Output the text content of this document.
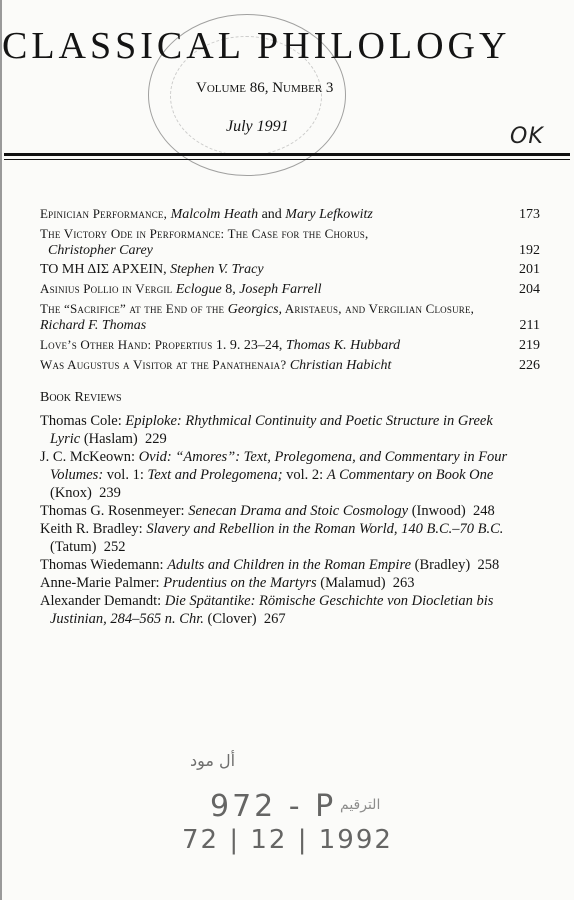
CLASSICAL PHILOLOGY
Volume 86, Number 3
July 1991	OK
Epinician Performance, Malcolm Heath and Mary Lefkowitz	173
The Victory Ode in Performance: The Case for the Chorus,
Christopher Carey	192
ΤΟ ΜΗ ΔΙΣ ΑΡΧΕΙΝ, Stephen V. Tracy	201
Asinius Pollio in Vergil Eclogue 8, Joseph Farrell	204
The “Sacrifice” at the End of the Georgics, Aristaeus, and Vergilian Closure, Richard F. Thomas	211
Love’s Other Hand: Propertius 1. 9. 23–24, Thomas K. Hubbard	219
Was Augustus a Visitor at the Panathenaia? Christian Habicht	226
Book Reviews
Thomas Cole: Epiploke: Rhythmical Continuity and Poetic Structure in Greek Lyric (Haslam) 229
J. C. McKeown: Ovid: “Amores”: Text, Prolegomena, and Commentary in Four Volumes: vol. 1: Text and Prolegomena; vol. 2: A Commentary on Book One (Knox) 239
Thomas G. Rosenmeyer: Senecan Drama and Stoic Cosmology (Inwood) 248
Keith R. Bradley: Slavery and Rebellion in the Roman World, 140 B.C.–70 B.C. (Tatum) 252
Thomas Wiedemann: Adults and Children in the Roman Empire (Bradley) 258
Anne-Marie Palmer: Prudentius on the Martyrs (Malamud) 263
Alexander Demandt: Die Spätantike: Römische Geschichte von Diocletian bis Justinian, 284–565 n. Chr. (Clover) 267
أل مود
972 - P
72 | 12 | 1992
الترقيم
